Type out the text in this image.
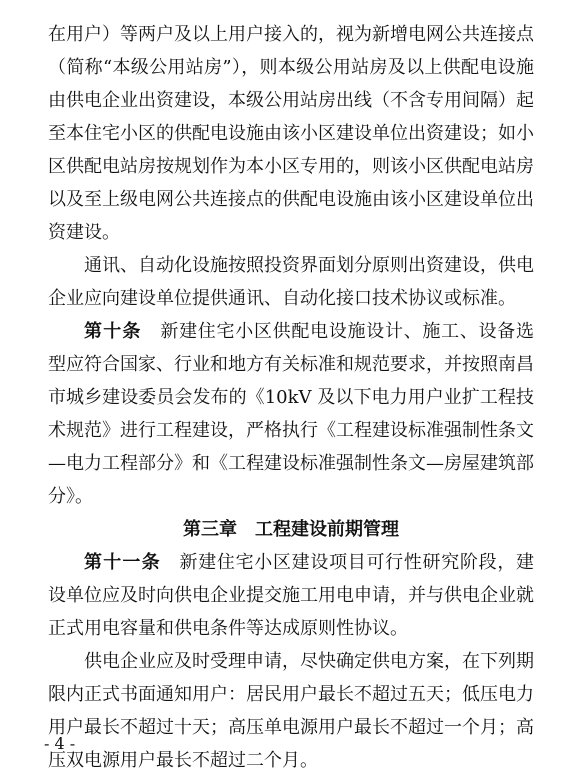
在用户）等两户及以上用户接入的，视为新增电网公共连接点（简称“本级公用站房”），则本级公用站房及以上供配电设施由供电企业出资建设，本级公用站房出线（不含专用间隔）起至本住宅小区的供配电设施由该小区建设单位出资建设；如小区供配电站房按规划作为本小区专用的，则该小区供配电站房以及至上级电网公共连接点的供配电设施由该小区建设单位出资建设。

通讯、自动化设施按照投资界面划分原则出资建设，供电企业应向建设单位提供通讯、自动化接口技术协议或标准。

第十条　 新建住宅小区供配电设施设计、施工、设备选型应符合国家、行业和地方有关标准和规范要求，并按照南昌市城乡建设委员会发布的《10kV 及以下电力用户业扩工程技术规范》进行工程建设，严格执行《工程建设标准强制性条文—电力工程部分》和《工程建设标准强制性条文—房屋建筑部分》。

第三章　工程建设前期管理

第十一条　 新建住宅小区建设项目可行性研究阶段，建设单位应及时向供电企业提交施工用电申请，并与供电企业就正式用电容量和供电条件等达成原则性协议。

供电企业应及时受理申请，尽快确定供电方案，在下列期限内正式书面通知用户：居民用户最长不超过五天；低压电力用户最长不超过十天；高压单电源用户最长不超过一个月；高压双电源用户最长不超过二个月。

- 4 -
